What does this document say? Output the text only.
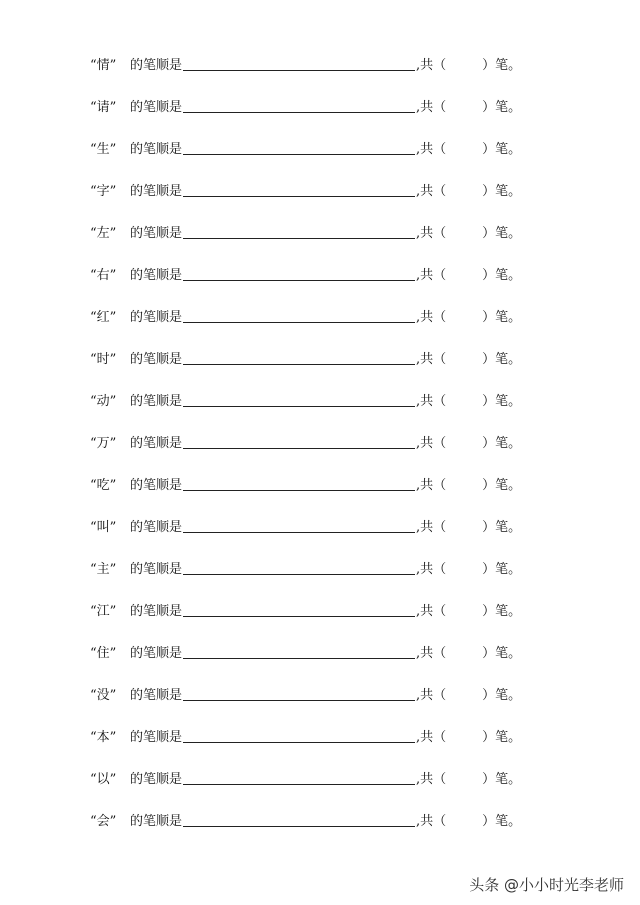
“情”	的笔顺是	,共（	）笔。
“请”	的笔顺是	,共（	）笔。
“生”	的笔顺是	,共（	）笔。
“字”	的笔顺是	,共（	）笔。
“左”	的笔顺是	,共（	）笔。
“右”	的笔顺是	,共（	）笔。
“红”	的笔顺是	,共（	）笔。
“时”	的笔顺是	,共（	）笔。
“动”	的笔顺是	,共（	）笔。
“万”	的笔顺是	,共（	）笔。
“吃”	的笔顺是	,共（	）笔。
“叫”	的笔顺是	,共（	）笔。
“主”	的笔顺是	,共（	）笔。
“江”	的笔顺是	,共（	）笔。
“住”	的笔顺是	,共（	）笔。
“没”	的笔顺是	,共（	）笔。
“本”	的笔顺是	,共（	）笔。
“以”	的笔顺是	,共（	）笔。
“会”	的笔顺是	,共（	）笔。
头条 @小小时光李老师
